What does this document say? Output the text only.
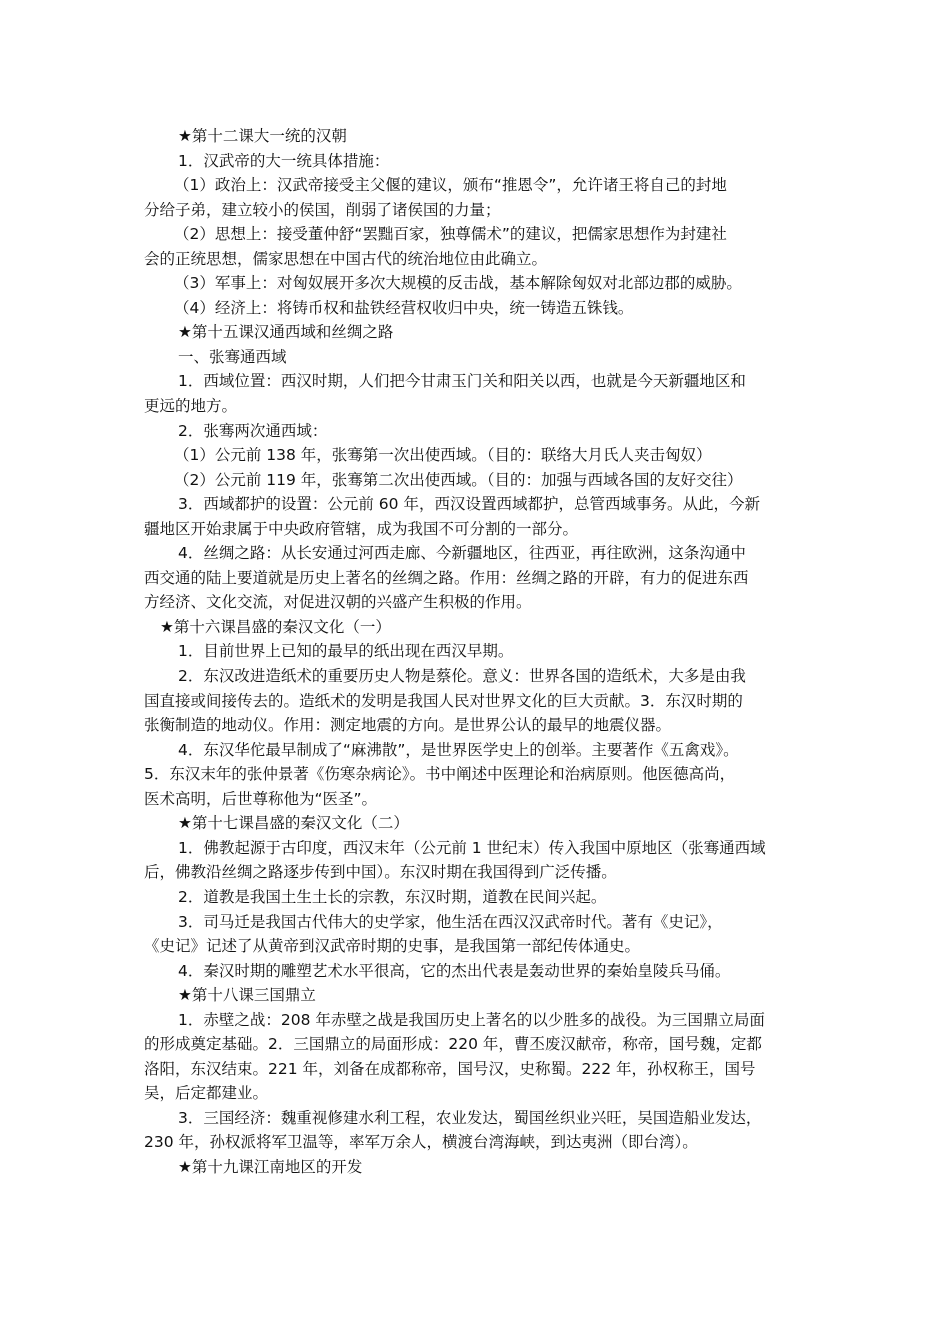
★第十二课大一统的汉朝

1．汉武帝的大一统具体措施：

（1）政治上：汉武帝接受主父偃的建议，颁布“推恩令”，允许诸王将自己的封地

分给子弟，建立较小的侯国，削弱了诸侯国的力量；

（2）思想上：接受董仲舒“罢黜百家，独尊儒术”的建议，把儒家思想作为封建社

会的正统思想，儒家思想在中国古代的统治地位由此确立。

（3）军事上：对匈奴展开多次大规模的反击战，基本解除匈奴对北部边郡的威胁。

（4）经济上：将铸币权和盐铁经营权收归中央，统一铸造五铢钱。

★第十五课汉通西域和丝绸之路

一、张骞通西域

1．西域位置：西汉时期，人们把今甘肃玉门关和阳关以西，也就是今天新疆地区和

更远的地方。

2．张骞两次通西域：

（1）公元前 138 年，张骞第一次出使西域。（目的：联络大月氏人夹击匈奴）

（2）公元前 119 年，张骞第二次出使西域。（目的：加强与西域各国的友好交往）

3．西域都护的设置：公元前 60 年，西汉设置西域都护，总管西域事务。从此，今新

疆地区开始隶属于中央政府管辖，成为我国不可分割的一部分。

4．丝绸之路：从长安通过河西走廊、今新疆地区，往西亚，再往欧洲，这条沟通中

西交通的陆上要道就是历史上著名的丝绸之路。作用：丝绸之路的开辟，有力的促进东西

方经济、文化交流，对促进汉朝的兴盛产生积极的作用。

★第十六课昌盛的秦汉文化（一）

1．目前世界上已知的最早的纸出现在西汉早期。

2．东汉改进造纸术的重要历史人物是蔡伦。意义：世界各国的造纸术，大多是由我

国直接或间接传去的。造纸术的发明是我国人民对世界文化的巨大贡献。3．东汉时期的

张衡制造的地动仪。作用：测定地震的方向。是世界公认的最早的地震仪器。

4．东汉华佗最早制成了“麻沸散”，是世界医学史上的创举。主要著作《五禽戏》。

5．东汉末年的张仲景著《伤寒杂病论》。书中阐述中医理论和治病原则。他医德高尚，

医术高明，后世尊称他为“医圣”。

★第十七课昌盛的秦汉文化（二）

1．佛教起源于古印度，西汉末年（公元前 1 世纪末）传入我国中原地区（张骞通西域

后，佛教沿丝绸之路逐步传到中国）。东汉时期在我国得到广泛传播。

2．道教是我国土生土长的宗教，东汉时期，道教在民间兴起。

3．司马迁是我国古代伟大的史学家，他生活在西汉汉武帝时代。著有《史记》，

《史记》记述了从黄帝到汉武帝时期的史事，是我国第一部纪传体通史。

4．秦汉时期的雕塑艺术水平很高，它的杰出代表是轰动世界的秦始皇陵兵马俑。

★第十八课三国鼎立

1．赤壁之战：208 年赤壁之战是我国历史上著名的以少胜多的战役。为三国鼎立局面

的形成奠定基础。2．三国鼎立的局面形成：220 年，曹丕废汉献帝，称帝，国号魏，定都

洛阳，东汉结束。221 年，刘备在成都称帝，国号汉，史称蜀。222 年，孙权称王，国号

吴，后定都建业。

3．三国经济：魏重视修建水利工程，农业发达，蜀国丝织业兴旺，吴国造船业发达，

230 年，孙权派将军卫温等，率军万余人，横渡台湾海峡，到达夷洲（即台湾）。

★第十九课江南地区的开发
